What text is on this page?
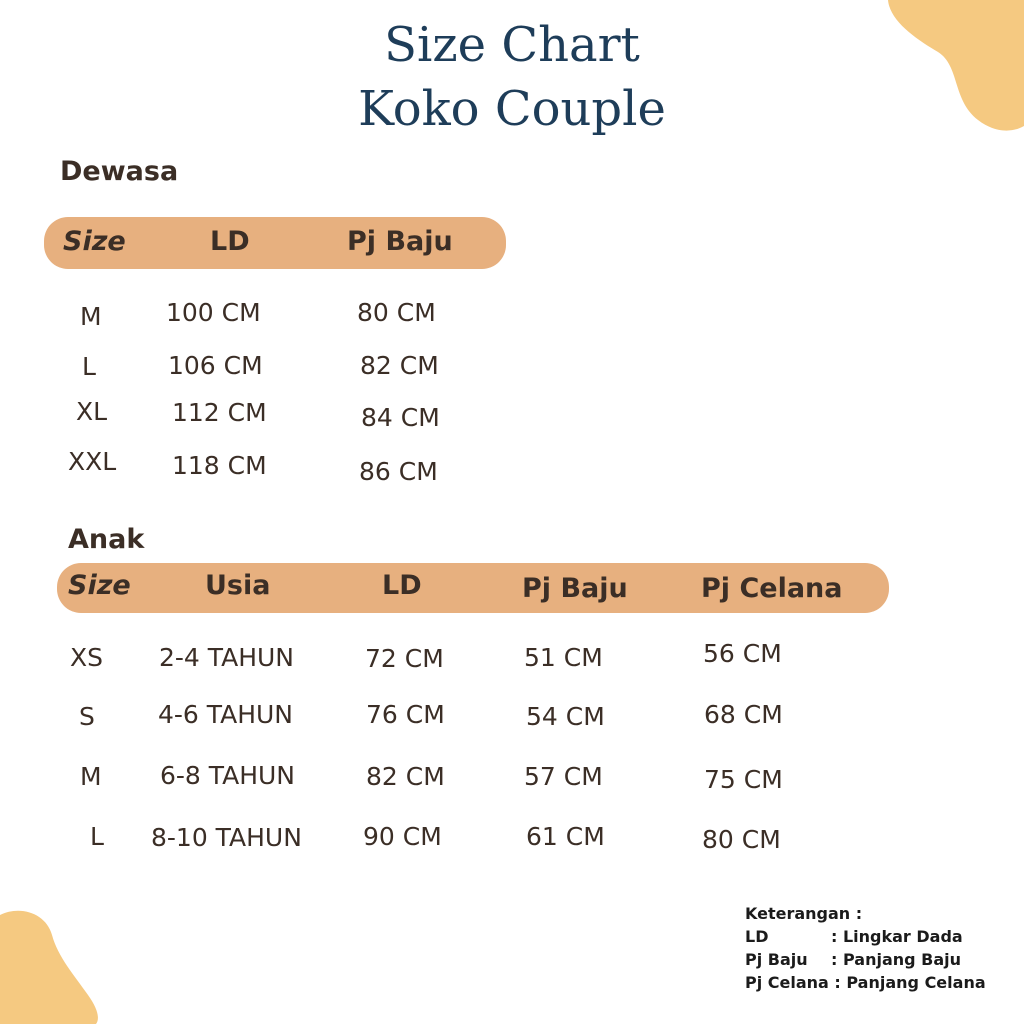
Size Chart
Koko Couple
Dewasa
Size	LD	Pj Baju
M	100 CM	80 CM
L	106 CM	82 CM
XL	112 CM	84 CM
XXL 118 CM	86 CM
Anak
Size	Usia	LD	Pj Baju	Pj Celana
XS 2-4 TAHUN	72 CM	51 CM	56 CM
S	4-6 TAHUN	76 CM	54 CM	68 CM
M 6-8 TAHUN	82 CM	57 CM	75 CM
L 8-10 TAHUN 90 CM	61 CM	80 CM
Keterangan :
LD	: Lingkar Dada
Pj Baju : Panjang Baju
Pj Celana : Panjang Celana
